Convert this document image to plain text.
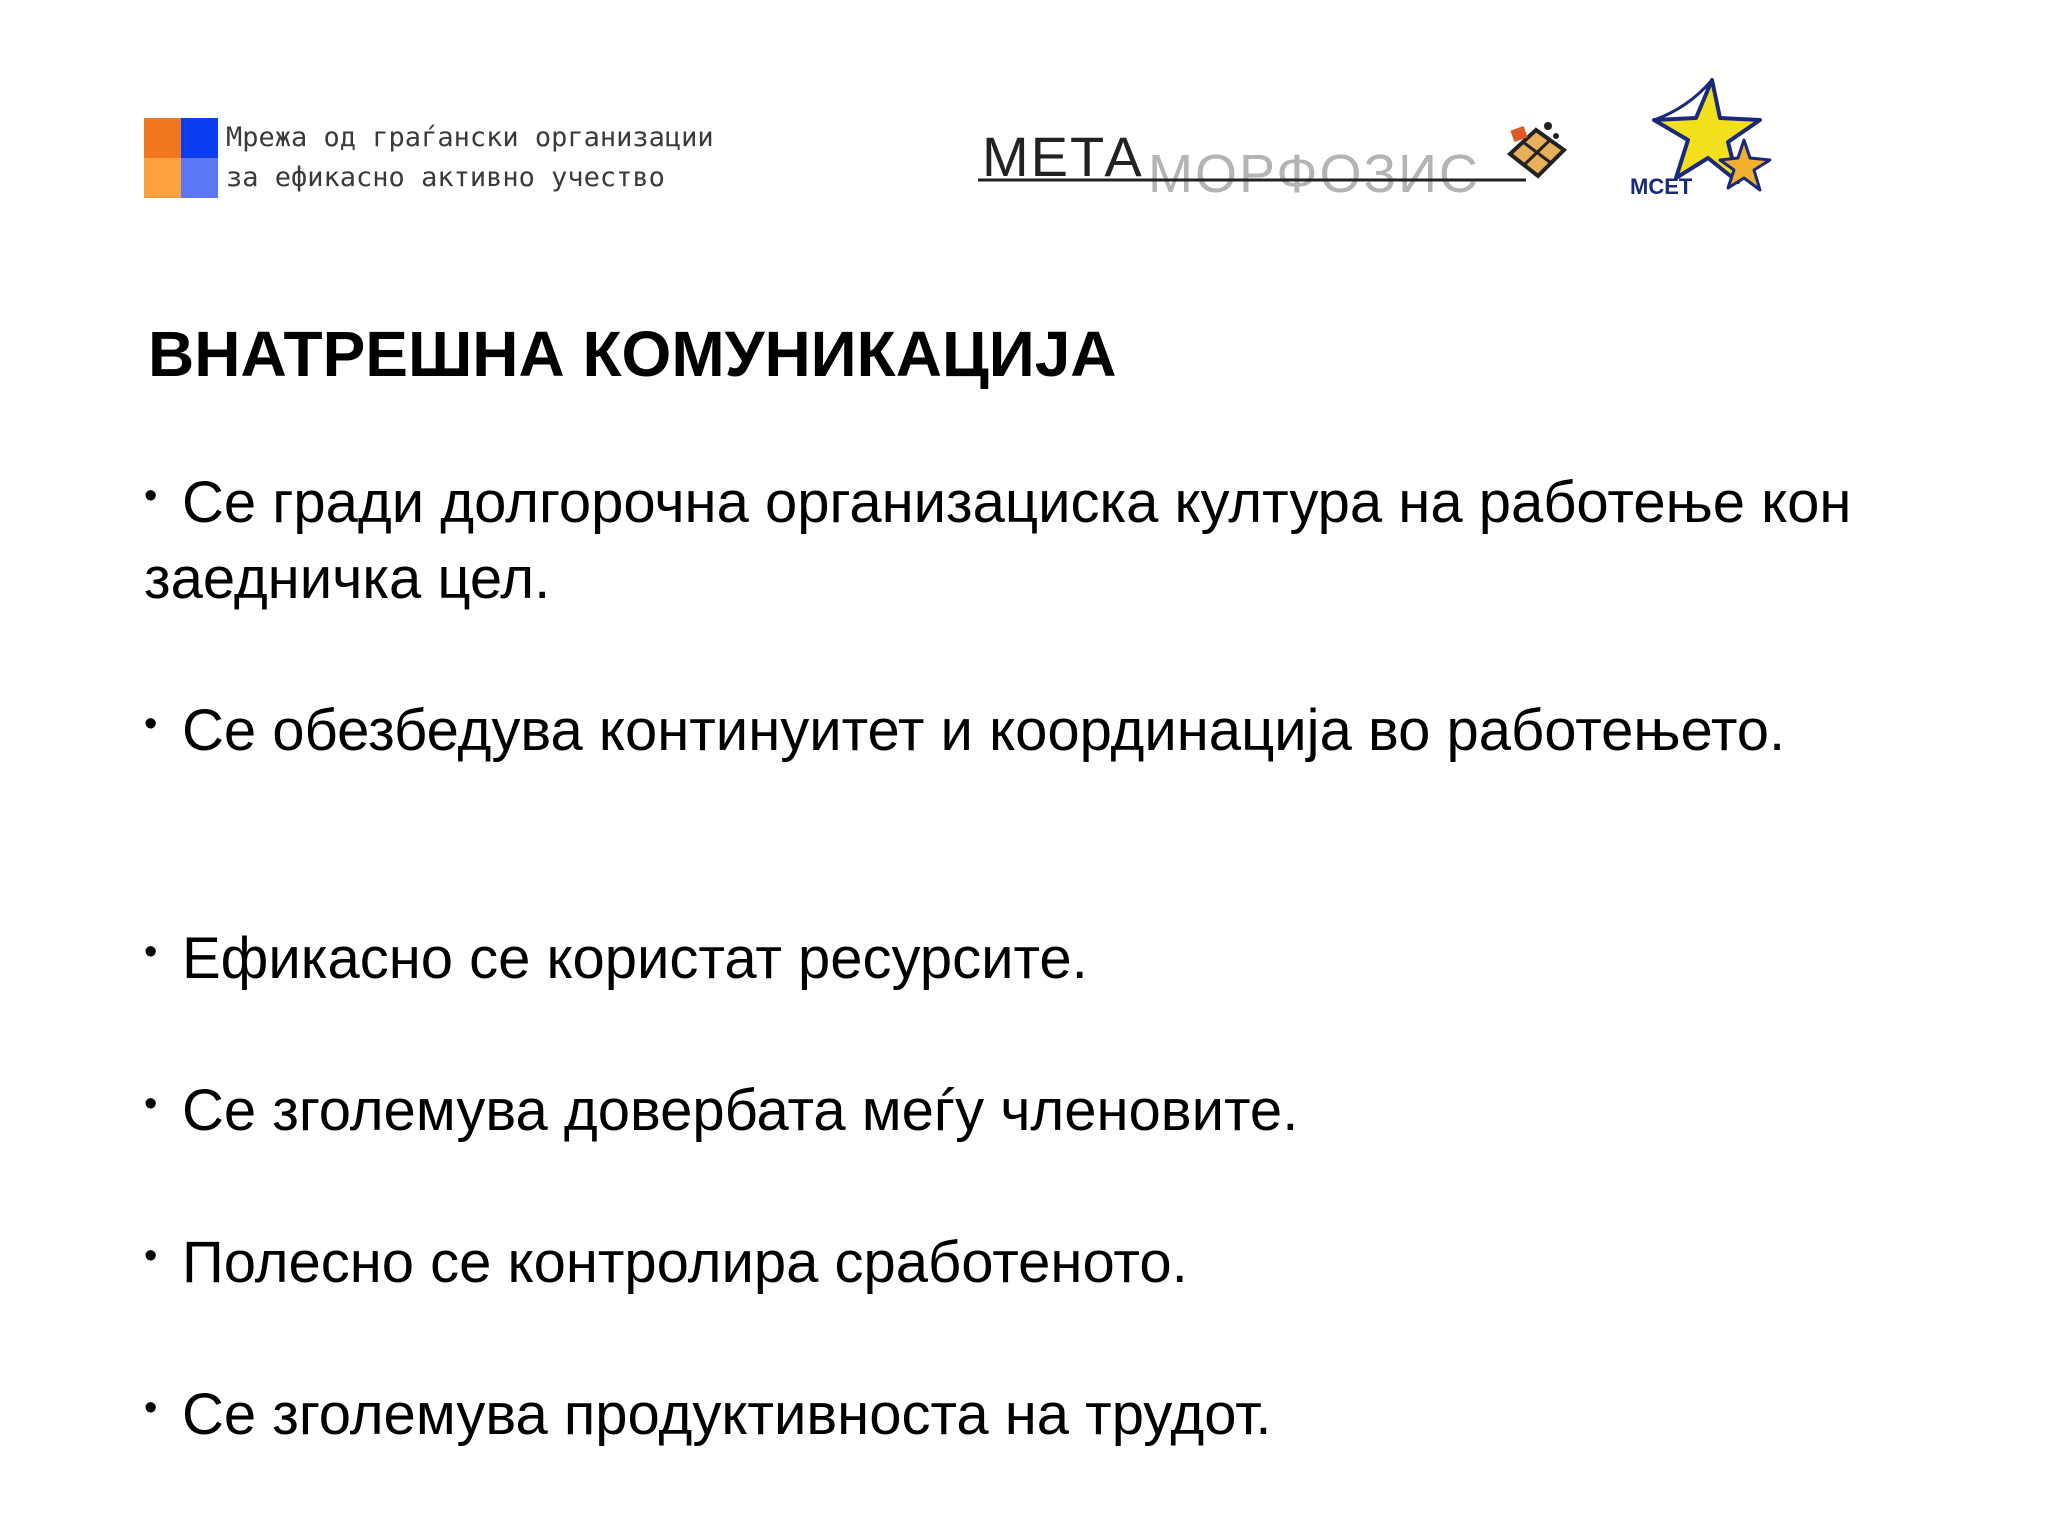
Мрежа од граѓански организации
за ефикасно активно учество	МЕТА МОРФОЗИС	МСЕТ
ВНАТРЕШНА КОМУНИКАЦИЈА
• Се гради долгорочна организациска култура на работење кон заедничка цел.
• Се обезбедува континуитет и координација во работењето.
• Ефикасно се користат ресурсите.
• Се зголемува довербата меѓу членовите.
• Полесно се контролира сработеното.
• Се зголемува продуктивноста на трудот.
